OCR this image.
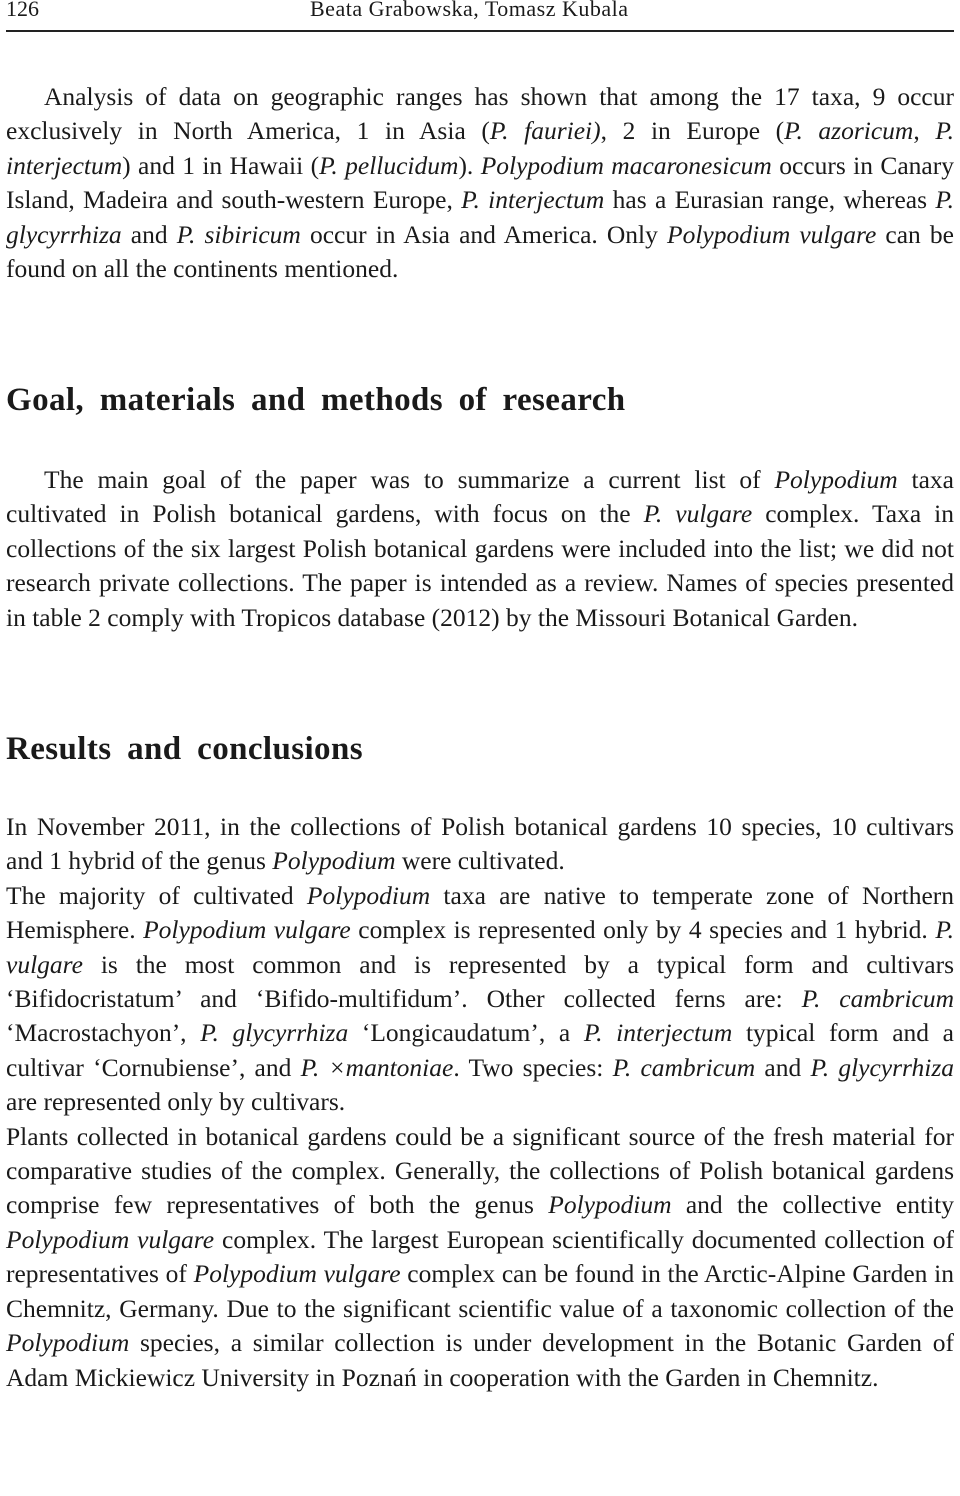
126	Beata Grabowska, Tomasz Kubala

Analysis of data on geographic ranges has shown that among the 17 taxa, 9 occur exclusively in North America, 1 in Asia (P. fauriei), 2 in Europe (P. azoricum, P. interjectum) and 1 in Hawaii (P. pellucidum). Polypodium macaronesicum occurs in Canary Island, Madeira and south-western Europe, P. interjectum has a Eurasian range, whereas P. glycyrrhiza and P. sibiricum occur in Asia and America. Only Polypodium vulgare can be found on all the continents mentioned.

Goal, materials and methods of research

The main goal of the paper was to summarize a current list of Polypodium taxa cultivated in Polish botanical gardens, with focus on the P. vulgare complex. Taxa in collections of the six largest Polish botanical gardens were included into the list; we did not research private collections. The paper is intended as a review. Names of species presented in table 2 comply with Tropicos database (2012) by the Missouri Botanical Garden.

Results and conclusions

In November 2011, in the collections of Polish botanical gardens 10 species, 10 cultivars and 1 hybrid of the genus Polypodium were cultivated.

The majority of cultivated Polypodium taxa are native to temperate zone of Northern Hemisphere. Polypodium vulgare complex is represented only by 4 species and 1 hybrid. P. vulgare is the most common and is represented by a typical form and cultivars ‘Bifidocristatum’ and ‘Bifido-multifidum’. Other collected ferns are: P. cambricum ‘Macrostachyon’, P. glycyrrhiza ‘Longicaudatum’, a P. interjectum typical form and a cultivar ‘Cornubiense’, and P. ×mantoniae. Two species: P. cambricum and P. glycyrrhiza are represented only by cultivars.

Plants collected in botanical gardens could be a significant source of the fresh material for comparative studies of the complex. Generally, the collections of Polish botanical gardens comprise few representatives of both the genus Polypodium and the collective entity Polypodium vulgare complex. The largest European scientifically documented collection of representatives of Polypodium vulgare complex can be found in the Arctic-Alpine Garden in Chemnitz, Germany. Due to the significant scientific value of a taxonomic collection of the Polypodium species, a similar collection is under development in the Botanic Garden of Adam Mickiewicz University in Poznań in cooperation with the Garden in Chemnitz.
